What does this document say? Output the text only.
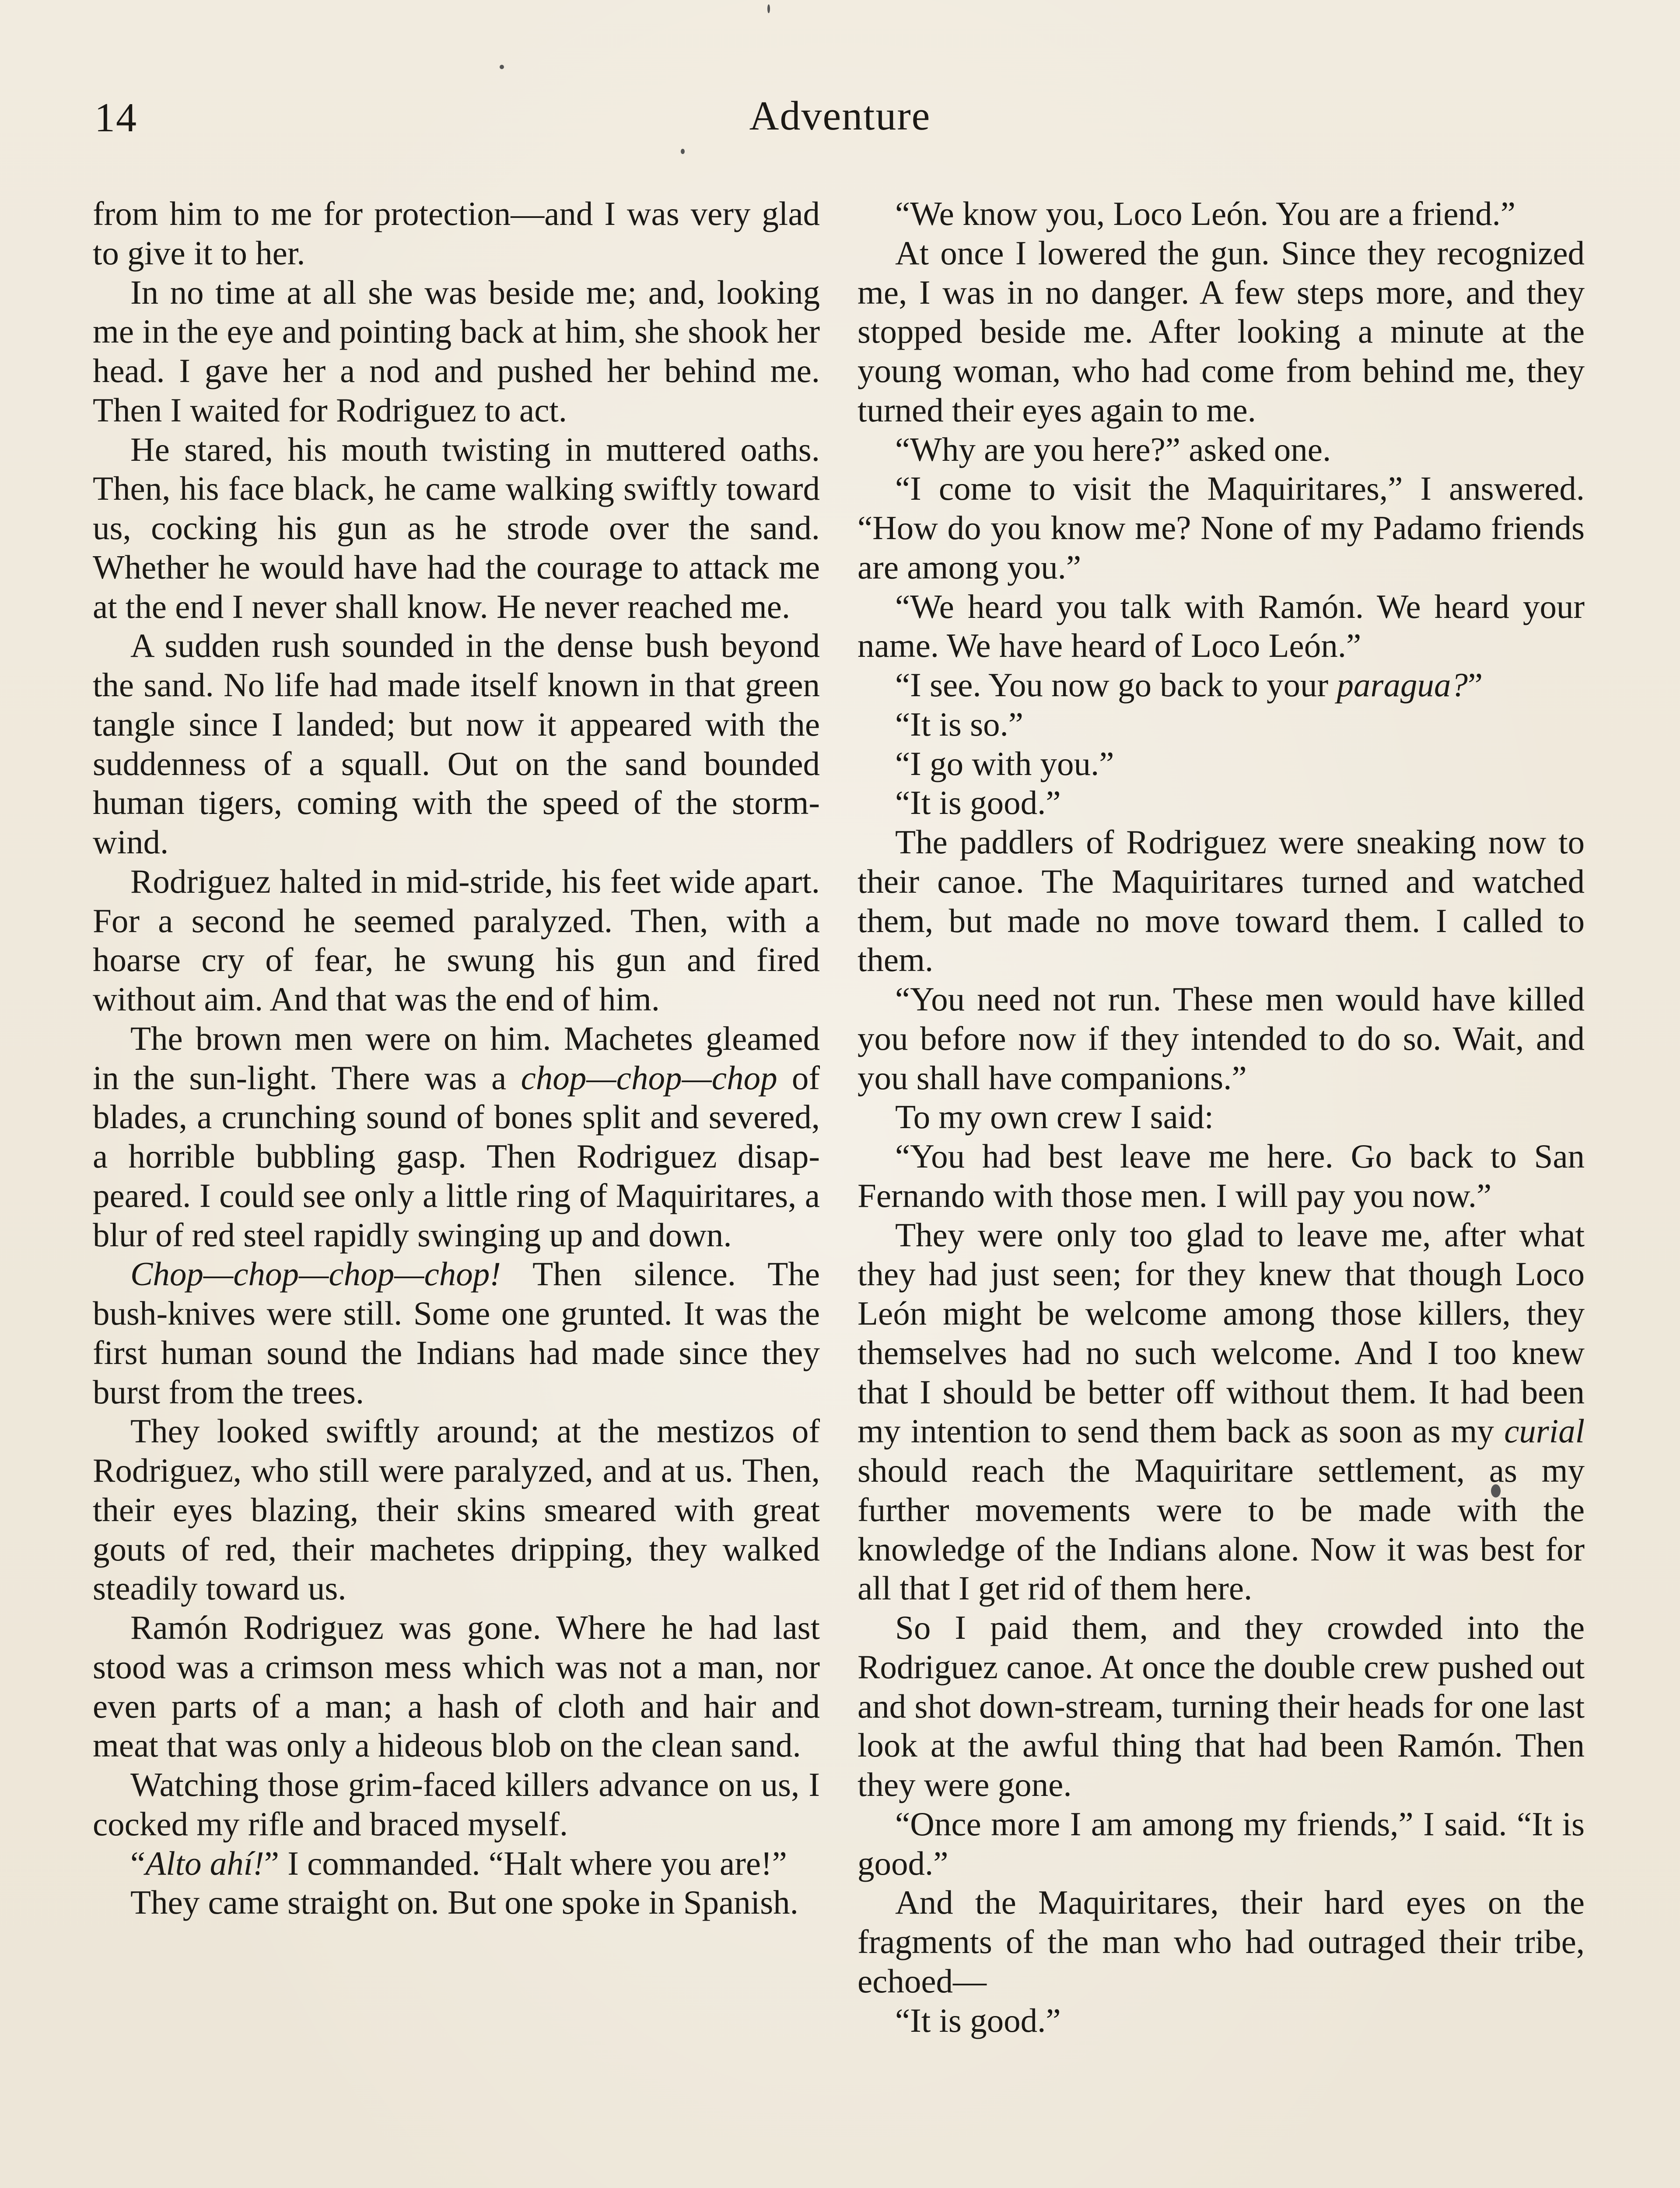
14	Adventure

from him to me for protection—and I was very glad to give it to her.

In no time at all she was beside me; and, looking me in the eye and pointing back at him, she shook her head. I gave her a nod and pushed her behind me. Then I waited for Rodriguez to act.

He stared, his mouth twisting in muttered oaths. Then, his face black, he came walking swiftly toward us, cocking his gun as he strode over the sand. Whether he would have had the courage to attack me at the end I never shall know. He never reached me.

A sudden rush sounded in the dense bush beyond the sand. No life had made itself known in that green tangle since I landed; but now it appeared with the suddenness of a squall. Out on the sand bounded human tigers, coming with the speed of the storm-wind.

Rodriguez halted in mid-stride, his feet wide apart. For a second he seemed paralyzed. Then, with a hoarse cry of fear, he swung his gun and fired without aim. And that was the end of him.

The brown men were on him. Machetes gleamed in the sun-light. There was a chop—chop—chop of blades, a crunching sound of bones split and severed, a horrible bubbling gasp. Then Rodriguez disappeared. I could see only a little ring of Maquiritares, a blur of red steel rapidly swinging up and down.

Chop—chop—chop—chop! Then silence. The bush-knives were still. Some one grunted. It was the first human sound the Indians had made since they burst from the trees.

They looked swiftly around; at the mestizos of Rodriguez, who still were paralyzed, and at us. Then, their eyes blazing, their skins smeared with great gouts of red, their machetes dripping, they walked steadily toward us.

Ramón Rodriguez was gone. Where he had last stood was a crimson mess which was not a man, nor even parts of a man; a hash of cloth and hair and meat that was only a hideous blob on the clean sand.

Watching those grim-faced killers advance on us, I cocked my rifle and braced myself.

“Alto ahí!” I commanded. “Halt where you are!”

They came straight on. But one spoke in Spanish.

“We know you, Loco León. You are a friend.”

At once I lowered the gun. Since they recognized me, I was in no danger. A few steps more, and they stopped beside me. After looking a minute at the young woman, who had come from behind me, they turned their eyes again to me.

“Why are you here?” asked one.

“I come to visit the Maquiritares,” I answered. “How do you know me? None of my Padamo friends are among you.”

“We heard you talk with Ramón. We heard your name. We have heard of Loco León.”

“I see. You now go back to your paragua?”

“It is so.”

“I go with you.”

“It is good.”

The paddlers of Rodriguez were sneaking now to their canoe. The Maquiritares turned and watched them, but made no move toward them. I called to them.

“You need not run. These men would have killed you before now if they intended to do so. Wait, and you shall have companions.”

To my own crew I said:

“You had best leave me here. Go back to San Fernando with those men. I will pay you now.”

They were only too glad to leave me, after what they had just seen; for they knew that though Loco León might be welcome among those killers, they themselves had no such welcome. And I too knew that I should be better off without them. It had been my intention to send them back as soon as my curial should reach the Maquiritare settlement, as my further movements were to be made with the knowledge of the Indians alone. Now it was best for all that I get rid of them here.

So I paid them, and they crowded into the Rodriguez canoe. At once the double crew pushed out and shot down-stream, turning their heads for one last look at the awful thing that had been Ramón. Then they were gone.

“Once more I am among my friends,” I said. “It is good.”

And the Maquiritares, their hard eyes on the fragments of the man who had outraged their tribe, echoed—

“It is good.”
